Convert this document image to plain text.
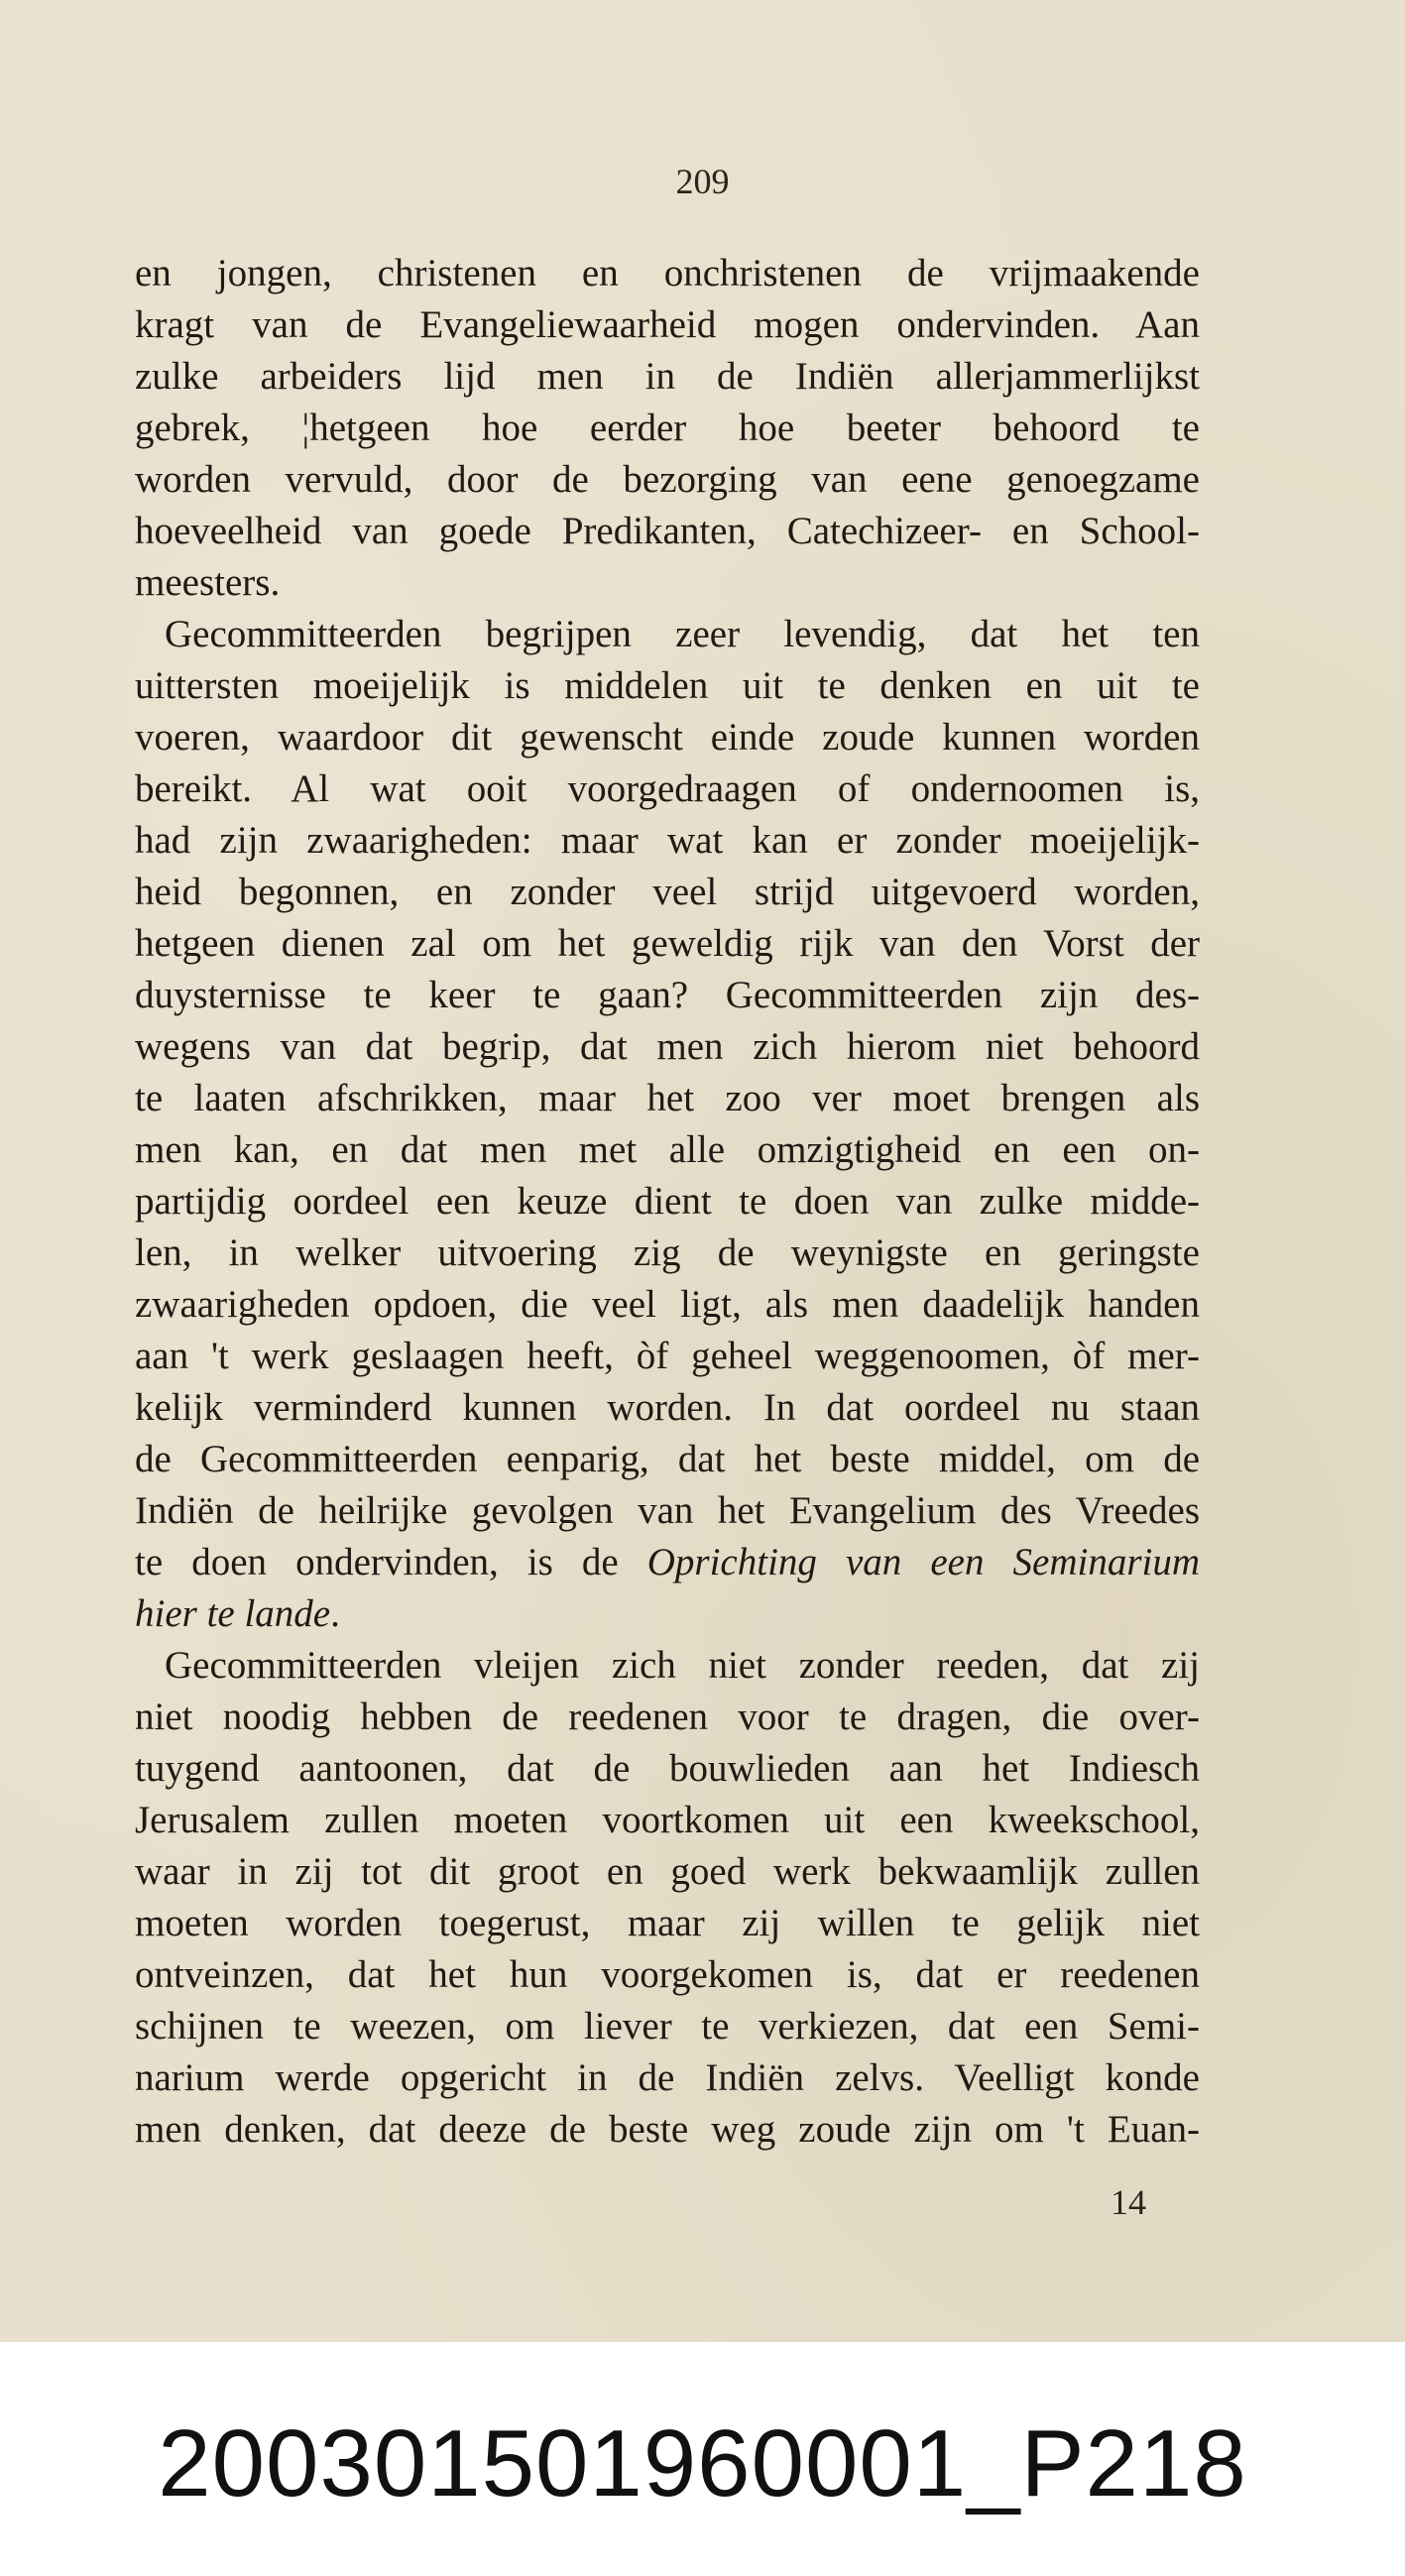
209
en jongen, christenen en onchristenen de vrijmaakende
kragt van de Evangeliewaarheid mogen ondervinden. Aan
zulke arbeiders lijd men in de Indiën allerjammerlijkst
gebrek, ¦hetgeen hoe eerder hoe beeter behoord te
worden vervuld, door de bezorging van eene genoegzame
hoeveelheid van goede Predikanten, Catechizeer- en School-
meesters.
Gecommitteerden begrijpen zeer levendig, dat het ten
uittersten moeijelijk is middelen uit te denken en uit te
voeren, waardoor dit gewenscht einde zoude kunnen worden
bereikt. Al wat ooit voorgedraagen of ondernoomen is,
had zijn zwaarigheden: maar wat kan er zonder moeijelijk-
heid begonnen, en zonder veel strijd uitgevoerd worden,
hetgeen dienen zal om het geweldig rijk van den Vorst der
duysternisse te keer te gaan? Gecommitteerden zijn des-
wegens van dat begrip, dat men zich hierom niet behoord
te laaten afschrikken, maar het zoo ver moet brengen als
men kan, en dat men met alle omzigtigheid en een on-
partijdig oordeel een keuze dient te doen van zulke midde-
len, in welker uitvoering zig de weynigste en geringste
zwaarigheden opdoen, die veel ligt, als men daadelijk handen
aan 't werk geslaagen heeft, òf geheel weggenoomen, òf mer-
kelijk verminderd kunnen worden. In dat oordeel nu staan
de Gecommitteerden eenparig, dat het beste middel, om de
Indiën de heilrijke gevolgen van het Evangelium des Vreedes
te doen ondervinden, is de Oprichting van een Seminarium
hier te lande.
Gecommitteerden vleijen zich niet zonder reeden, dat zij
niet noodig hebben de reedenen voor te dragen, die over-
tuygend aantoonen, dat de bouwlieden aan het Indiesch
Jerusalem zullen moeten voortkomen uit een kweekschool,
waar in zij tot dit groot en goed werk bekwaamlijk zullen
moeten worden toegerust, maar zij willen te gelijk niet
ontveinzen, dat het hun voorgekomen is, dat er reedenen
schijnen te weezen, om liever te verkiezen, dat een Semi-
narium werde opgericht in de Indiën zelvs. Veelligt konde
men denken, dat deeze de beste weg zoude zijn om 't Euan-
14
20030150196000​1_P218
